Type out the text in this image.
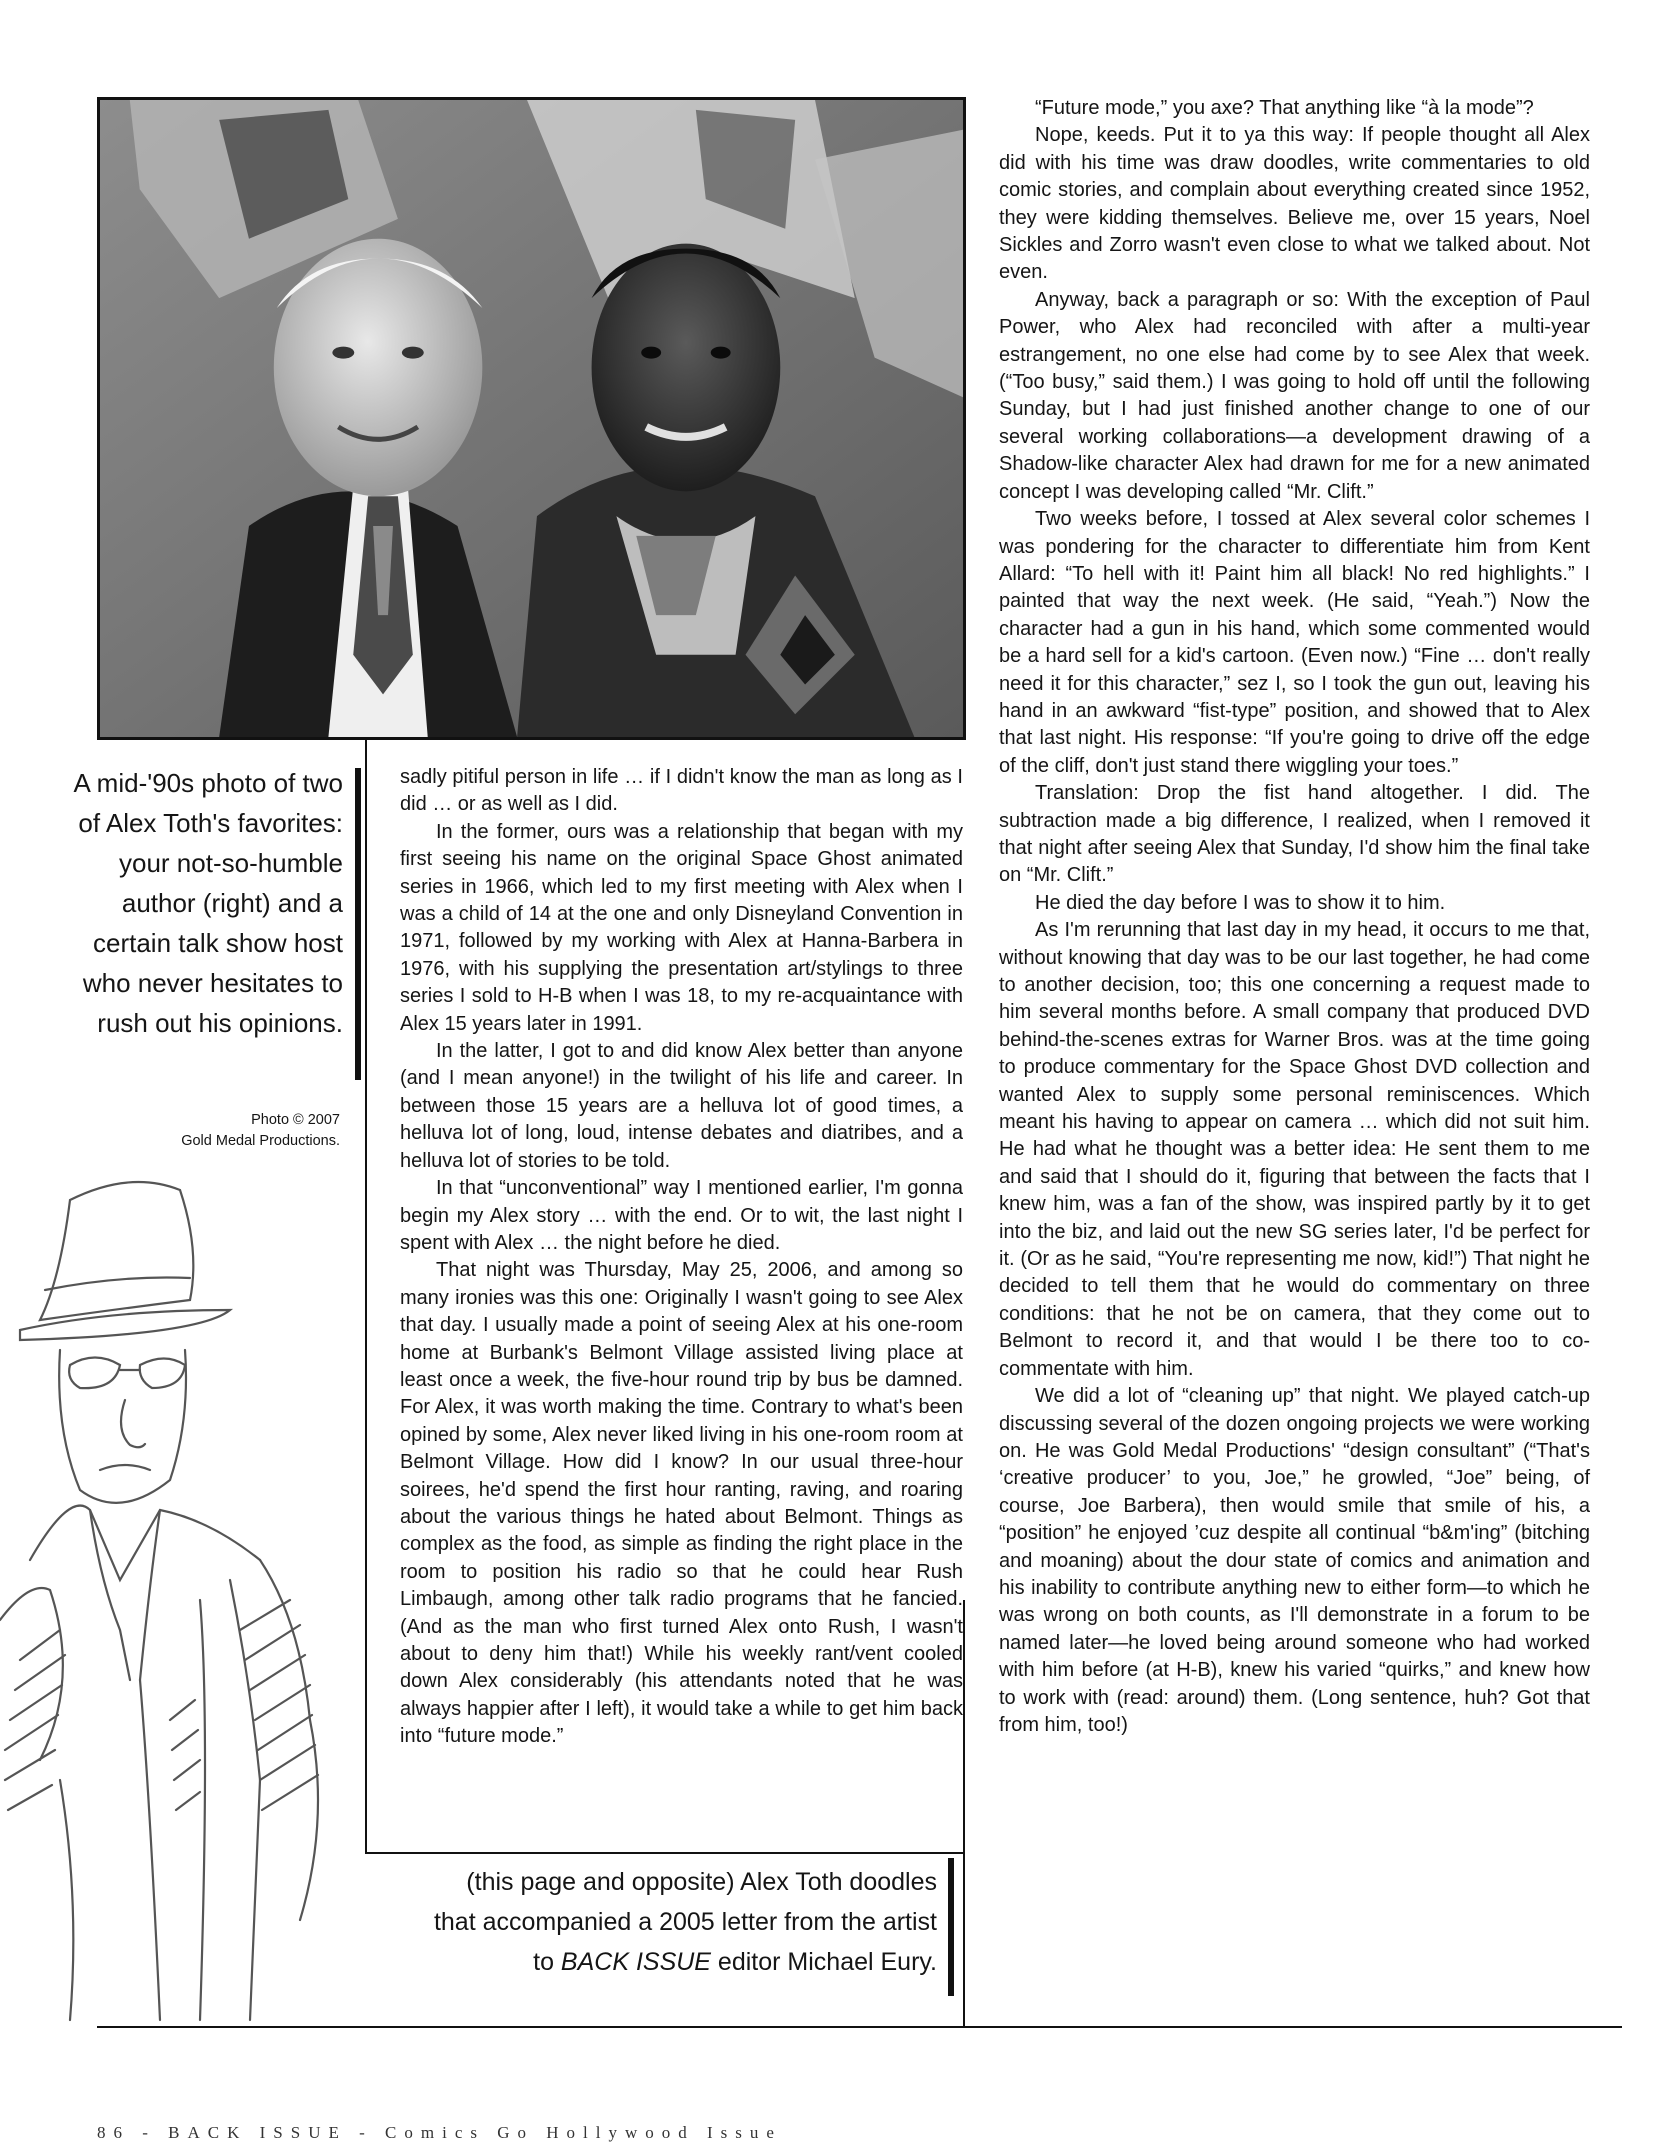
A mid-'90s photo of two of Alex Toth's favorites: your not-so-humble author (right) and a certain talk show host who never hesitates to rush out his opinions.
Photo © 2007
Gold Medal Productions.

sadly pitiful person in life … if I didn't know the man as long as I did … or as well as I did.

In the former, ours was a relationship that began with my first seeing his name on the original Space Ghost animated series in 1966, which led to my first meeting with Alex when I was a child of 14 at the one and only Disneyland Convention in 1971, followed by my working with Alex at Hanna-Barbera in 1976, with his supplying the presentation art/stylings to three series I sold to H-B when I was 18, to my re-acquaintance with Alex 15 years later in 1991.

In the latter, I got to and did know Alex better than anyone (and I mean anyone!) in the twilight of his life and career. In between those 15 years are a helluva lot of good times, a helluva lot of long, loud, intense debates and diatribes, and a helluva lot of stories to be told.

In that “unconventional” way I mentioned earlier, I'm gonna begin my Alex story … with the end. Or to wit, the last night I spent with Alex … the night before he died.

That night was Thursday, May 25, 2006, and among so many ironies was this one: Originally I wasn't going to see Alex that day. I usually made a point of seeing Alex at his one-room home at Burbank's Belmont Village assisted living place at least once a week, the five-hour round trip by bus be damned. For Alex, it was worth making the time. Contrary to what's been opined by some, Alex never liked living in his one-room room at Belmont Village. How did I know? In our usual three-hour soirees, he'd spend the first hour ranting, raving, and roaring about the various things he hated about Belmont. Things as complex as the food, as simple as finding the right place in the room to position his radio so that he could hear Rush Limbaugh, among other talk radio programs that he fancied. (And as the man who first turned Alex onto Rush, I wasn't about to deny him that!) While his weekly rant/vent cooled down Alex considerably (his attendants noted that he was always happier after I left), it would take a while to get him back into “future mode.”

“Future mode,” you axe? That anything like “à la mode”?

Nope, keeds. Put it to ya this way: If people thought all Alex did with his time was draw doodles, write commentaries to old comic stories, and complain about everything created since 1952, they were kidding themselves. Believe me, over 15 years, Noel Sickles and Zorro wasn't even close to what we talked about. Not even.

Anyway, back a paragraph or so: With the exception of Paul Power, who Alex had reconciled with after a multi-year estrangement, no one else had come by to see Alex that week. (“Too busy,” said them.) I was going to hold off until the following Sunday, but I had just finished another change to one of our several working collaborations—a development drawing of a Shadow-like character Alex had drawn for me for a new animated concept I was developing called “Mr. Clift.”

Two weeks before, I tossed at Alex several color schemes I was pondering for the character to differentiate him from Kent Allard: “To hell with it! Paint him all black! No red highlights.” I painted that way the next week. (He said, “Yeah.”) Now the character had a gun in his hand, which some commented would be a hard sell for a kid's cartoon. (Even now.) “Fine … don't really need it for this character,” sez I, so I took the gun out, leaving his hand in an awkward “fist-type” position, and showed that to Alex that last night. His response: “If you're going to drive off the edge of the cliff, don't just stand there wiggling your toes.”

Translation: Drop the fist hand altogether. I did. The subtraction made a big difference, I realized, when I removed it that night after seeing Alex that Sunday, I'd show him the final take on “Mr. Clift.”

He died the day before I was to show it to him.

As I'm rerunning that last day in my head, it occurs to me that, without knowing that day was to be our last together, he had come to another decision, too; this one concerning a request made to him several months before. A small company that produced DVD behind-the-scenes extras for Warner Bros. was at the time going to produce commentary for the Space Ghost DVD collection and wanted Alex to supply some personal reminiscences. Which meant his having to appear on camera … which did not suit him. He had what he thought was a better idea: He sent them to me and said that I should do it, figuring that between the facts that I knew him, was a fan of the show, was inspired partly by it to get into the biz, and laid out the new SG series later, I'd be perfect for it. (Or as he said, “You're representing me now, kid!”) That night he decided to tell them that he would do commentary on three conditions: that he not be on camera, that they come out to Belmont to record it, and that would I be there too to co-commentate with him.

We did a lot of “cleaning up” that night. We played catch-up discussing several of the dozen ongoing projects we were working on. He was Gold Medal Productions' “design consultant” (“That's ‘creative producer’ to you, Joe,” he growled, “Joe” being, of course, Joe Barbera), then would smile that smile of his, a “position” he enjoyed ’cuz despite all continual “b&m'ing” (bitching and moaning) about the dour state of comics and animation and his inability to contribute anything new to either form—to which he was wrong on both counts, as I'll demonstrate in a forum to be named later—he loved being around someone who had worked with him before (at H-B), knew his varied “quirks,” and knew how to work with (read: around) them. (Long sentence, huh? Got that from him, too!)

(this page and opposite) Alex Toth doodles that accompanied a 2005 letter from the artist to BACK ISSUE editor Michael Eury.
86 - BACK ISSUE - Comics Go Hollywood Issue
